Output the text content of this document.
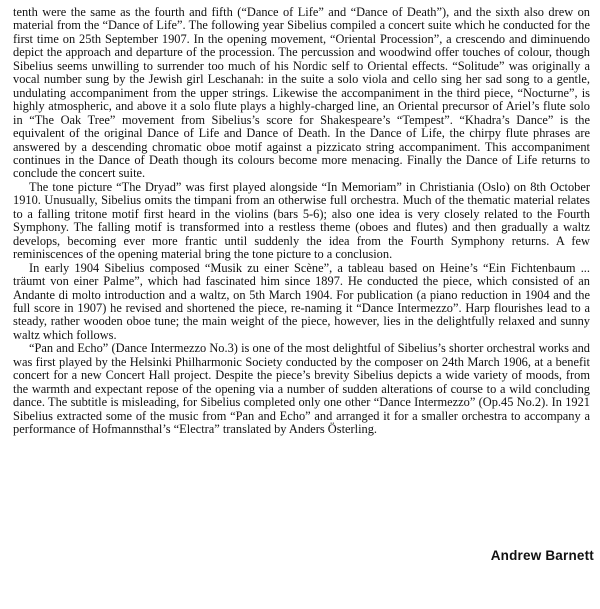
tenth were the same as the fourth and fifth (“Dance of Life” and “Dance of Death”), and the sixth also drew on material from the “Dance of Life”. The following year Sibelius compiled a concert suite which he conducted for the first time on 25th September 1907. In the opening movement, “Oriental Procession”, a crescendo and diminuendo depict the approach and departure of the procession. The percussion and woodwind offer touches of colour, though Sibelius seems unwilling to surrender too much of his Nordic self to Oriental effects. “Solitude” was originally a vocal number sung by the Jewish girl Leschanah: in the suite a solo viola and cello sing her sad song to a gentle, undulating accompaniment from the upper strings. Likewise the accompaniment in the third piece, “Nocturne”, is highly atmospheric, and above it a solo flute plays a highly-charged line, an Oriental precursor of Ariel’s flute solo in “The Oak Tree” movement from Sibelius’s score for Shakespeare’s “Tempest”. “Khadra’s Dance” is the equivalent of the original Dance of Life and Dance of Death. In the Dance of Life, the chirpy flute phrases are answered by a descending chromatic oboe motif against a pizzicato string accompaniment. This accompaniment continues in the Dance of Death though its colours become more menacing. Finally the Dance of Life returns to conclude the concert suite.

The tone picture “The Dryad” was first played alongside “In Memoriam” in Christiania (Oslo) on 8th October 1910. Unusually, Sibelius omits the timpani from an otherwise full orchestra. Much of the thematic material relates to a falling tritone motif first heard in the violins (bars 5-6); also one idea is very closely related to the Fourth Symphony. The falling motif is transformed into a restless theme (oboes and flutes) and then gradually a waltz develops, becoming ever more frantic until suddenly the idea from the Fourth Symphony returns. A few reminiscences of the opening material bring the tone picture to a conclusion.

In early 1904 Sibelius composed “Musik zu einer Scène”, a tableau based on Heine’s “Ein Fichtenbaum ... träumt von einer Palme”, which had fascinated him since 1897. He conducted the piece, which consisted of an Andante di molto introduction and a waltz, on 5th March 1904. For publication (a piano reduction in 1904 and the full score in 1907) he revised and shortened the piece, re-naming it “Dance Intermezzo”. Harp flourishes lead to a steady, rather wooden oboe tune; the main weight of the piece, however, lies in the delightfully relaxed and sunny waltz which follows.

“Pan and Echo” (Dance Intermezzo No.3) is one of the most delightful of Sibelius’s shorter orchestral works and was first played by the Helsinki Philharmonic Society conducted by the composer on 24th March 1906, at a benefit concert for a new Concert Hall project. Despite the piece’s brevity Sibelius depicts a wide variety of moods, from the warmth and expectant repose of the opening via a number of sudden alterations of course to a wild concluding dance. The subtitle is misleading, for Sibelius completed only one other “Dance Intermezzo” (Op.45 No.2). In 1921 Sibelius extracted some of the music from “Pan and Echo” and arranged it for a smaller orchestra to accompany a performance of Hofmannsthal’s “Electra” translated by Anders Österling.

Andrew Barnett
